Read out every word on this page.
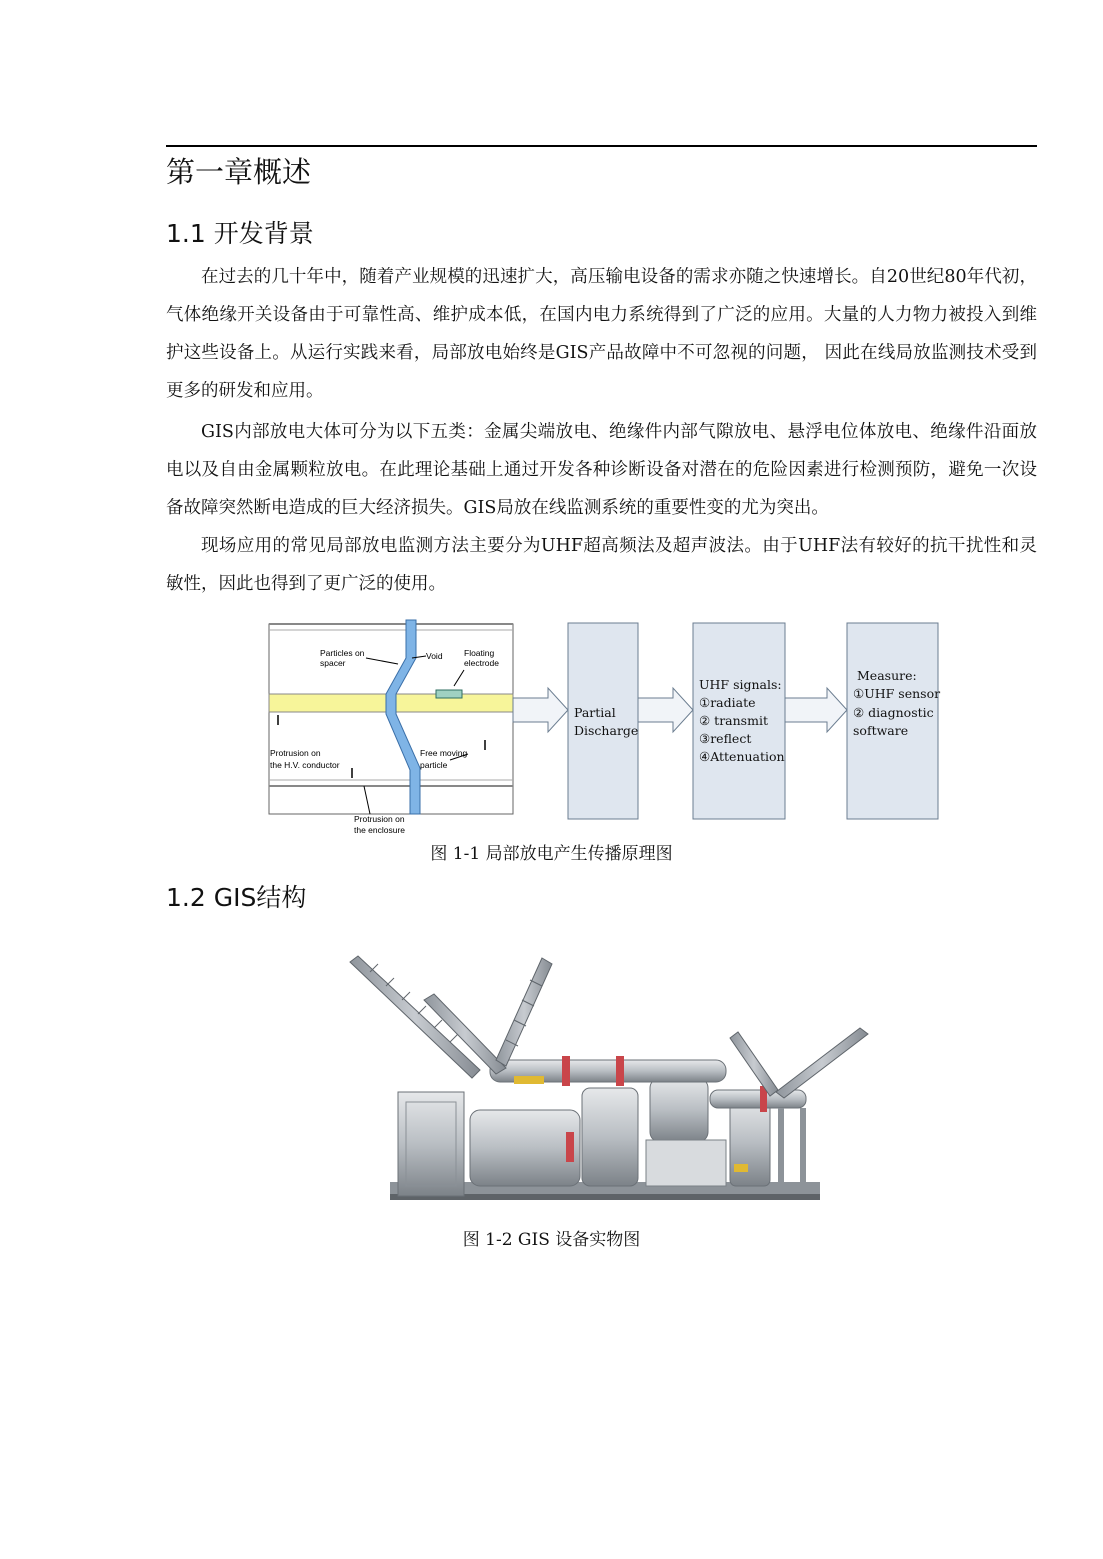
第一章概述
1.1 开发背景

在过去的几十年中，随着产业规模的迅速扩大，高压输电设备的需求亦随之快速增长。自20世纪80年代初，气体绝缘开关设备由于可靠性高、维护成本低，在国内电力系统得到了广泛的应用。大量的人力物力被投入到维护这些设备上。从运行实践来看，局部放电始终是GIS产品故障中不可忽视的问题， 因此在线局放监测技术受到更多的研发和应用。

GIS内部放电大体可分为以下五类：金属尖端放电、绝缘件内部气隙放电、悬浮电位体放电、绝缘件沿面放电以及自由金属颗粒放电。在此理论基础上通过开发各种诊断设备对潜在的危险因素进行检测预防，避免一次设备故障突然断电造成的巨大经济损失。GIS局放在线监测系统的重要性变的尤为突出。

现场应用的常见局部放电监测方法主要分为UHF超高频法及超声波法。由于UHF法有较好的抗干扰性和灵敏性，因此也得到了更广泛的使用。

Particles on
spacer
Void	Floating
electrode
Protrusion on
the H.V. conductor
Free moving
particle
Protrusion on
the enclosure
Partial
Discharge
UHF signals:
①radiate
② transmit
③reflect
④Attenuation
Measure:
①UHF sensor
② diagnostic
software
图 1-1 局部放电产生传播原理图
1.2 GIS结构
图 1-2 GIS 设备实物图
